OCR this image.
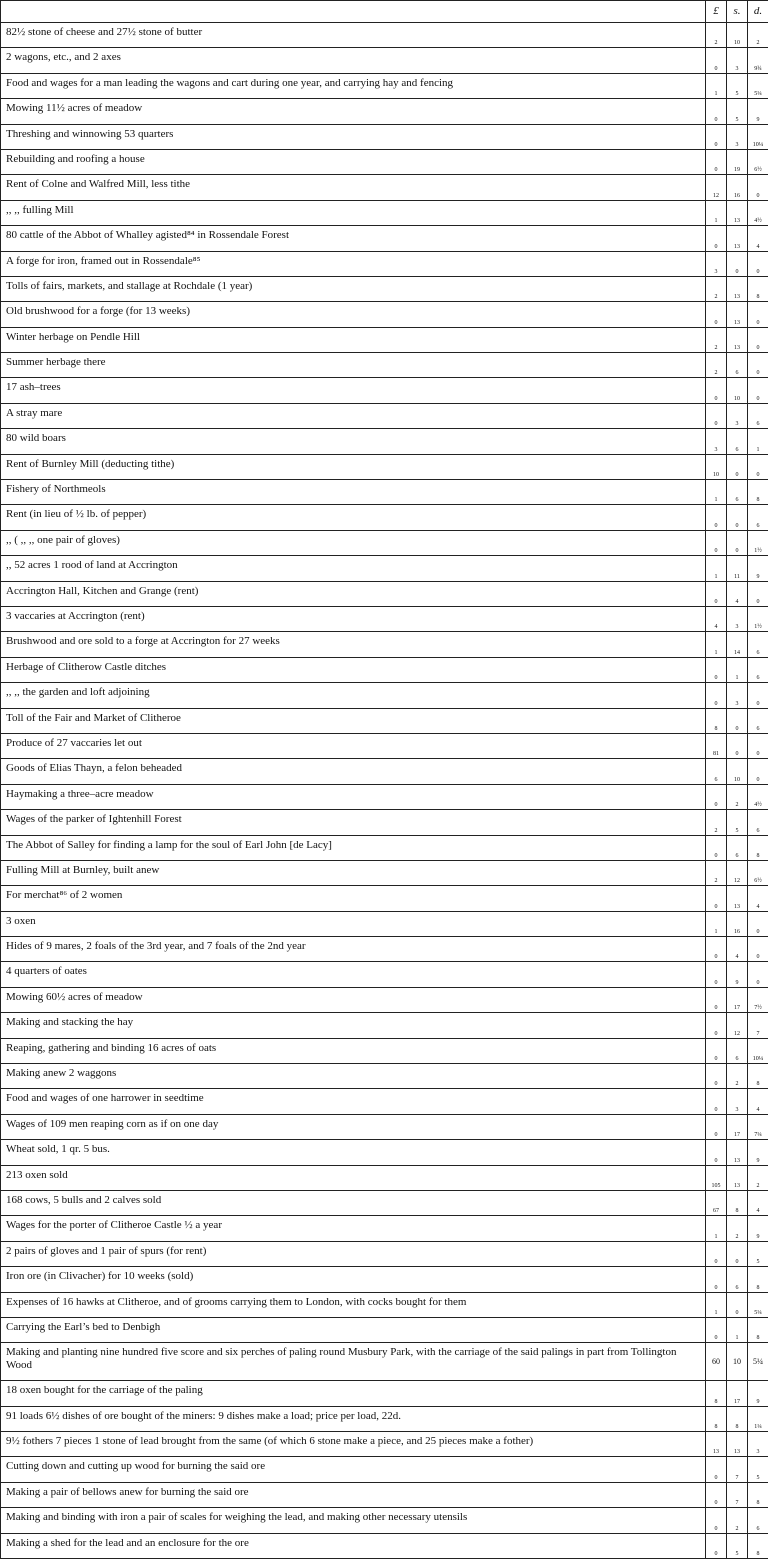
	£	s.	d.
82½ stone of cheese and 27½ stone of butter	2	10	2
2 wagons, etc., and 2 axes	0	3	9¾
Food and wages for a man leading the wagons and cart during one year, and carrying hay and fencing	1	5	5¼
Mowing 11½ acres of meadow	0	5	9
Threshing and winnowing 53 quarters	0	3	10¼
Rebuilding and roofing a house	0	19	6½
Rent of Colne and Walfred Mill, less tithe	12	16	0
,, ,, fulling Mill	1	13	4½
80 cattle of the Abbot of Whalley agisted⁸⁴ in Rossendale Forest	0	13	4
A forge for iron, framed out in Rossendale⁸⁵	3	0	0
Tolls of fairs, markets, and stallage at Rochdale (1 year)	2	13	8
Old brushwood for a forge (for 13 weeks)	0	13	0
Winter herbage on Pendle Hill	2	13	0
Summer herbage there	2	6	0
17 ash–trees	0	10	0
A stray mare	0	3	6
80 wild boars	3	6	1
Rent of Burnley Mill (deducting tithe)	10	0	0
Fishery of Northmeols	1	6	8
Rent (in lieu of ½ lb. of pepper)	0	0	6
,, ( ,, ,, one pair of gloves)	0	0	1½
,, 52 acres 1 rood of land at Accrington	1	11	9
Accrington Hall, Kitchen and Grange (rent)	0	4	0
3 vaccaries at Accrington (rent)	4	3	1½
Brushwood and ore sold to a forge at Accrington for 27 weeks	1	14	6
Herbage of Clitherow Castle ditches	0	1	6
,, ,, the garden and loft adjoining	0	3	0
Toll of the Fair and Market of Clitheroe	8	0	6
Produce of 27 vaccaries let out	81	0	0
Goods of Elias Thayn, a felon beheaded	6	10	0
Haymaking a three–acre meadow	0	2	4½
Wages of the parker of Ightenhill Forest	2	5	6
The Abbot of Salley for finding a lamp for the soul of Earl John [de Lacy]	0	6	8
Fulling Mill at Burnley, built anew	2	12	6½
For merchat⁸⁶ of 2 women	0	13	4
3 oxen	1	16	0
Hides of 9 mares, 2 foals of the 3rd year, and 7 foals of the 2nd year	0	4	0
4 quarters of oates	0	9	0
Mowing 60½ acres of meadow	0	17	7½
Making and stacking the hay	0	12	7
Reaping, gathering and binding 16 acres of oats	0	6	10¼
Making anew 2 waggons	0	2	8
Food and wages of one harrower in seedtime	0	3	4
Wages of 109 men reaping corn as if on one day	0	17	7¼
Wheat sold, 1 qr. 5 bus.	0	13	9
213 oxen sold	105	13	2
168 cows, 5 bulls and 2 calves sold	67	8	4
Wages for the porter of Clitheroe Castle ½ a year	1	2	9
2 pairs of gloves and 1 pair of spurs (for rent)	0	0	5
Iron ore (in Clivacher) for 10 weeks (sold)	0	6	8
Expenses of 16 hawks at Clitheroe, and of grooms carrying them to London, with cocks bought for them	1	0	5¼
Carrying the Earl’s bed to Denbigh	0	1	8
Making and planting nine hundred five score and six perches of paling round Musbury Park, with the carriage of the said palings in part from Tollington Wood	60	10	5¼
18 oxen bought for the carriage of the paling	8	17	9
91 loads 6½ dishes of ore bought of the miners: 9 dishes make a load; price per load, 22d.	8	8	1¼
9½ fothers 7 pieces 1 stone of lead brought from the same (of which 6 stone make a piece, and 25 pieces make a fother)	13	13	3
Cutting down and cutting up wood for burning the said ore	0	7	5
Making a pair of bellows anew for burning the said ore	0	7	8
Making and binding with iron a pair of scales for weighing the lead, and making other necessary utensils	0	2	6
Making a shed for the lead and an enclosure for the ore	0	5	8
